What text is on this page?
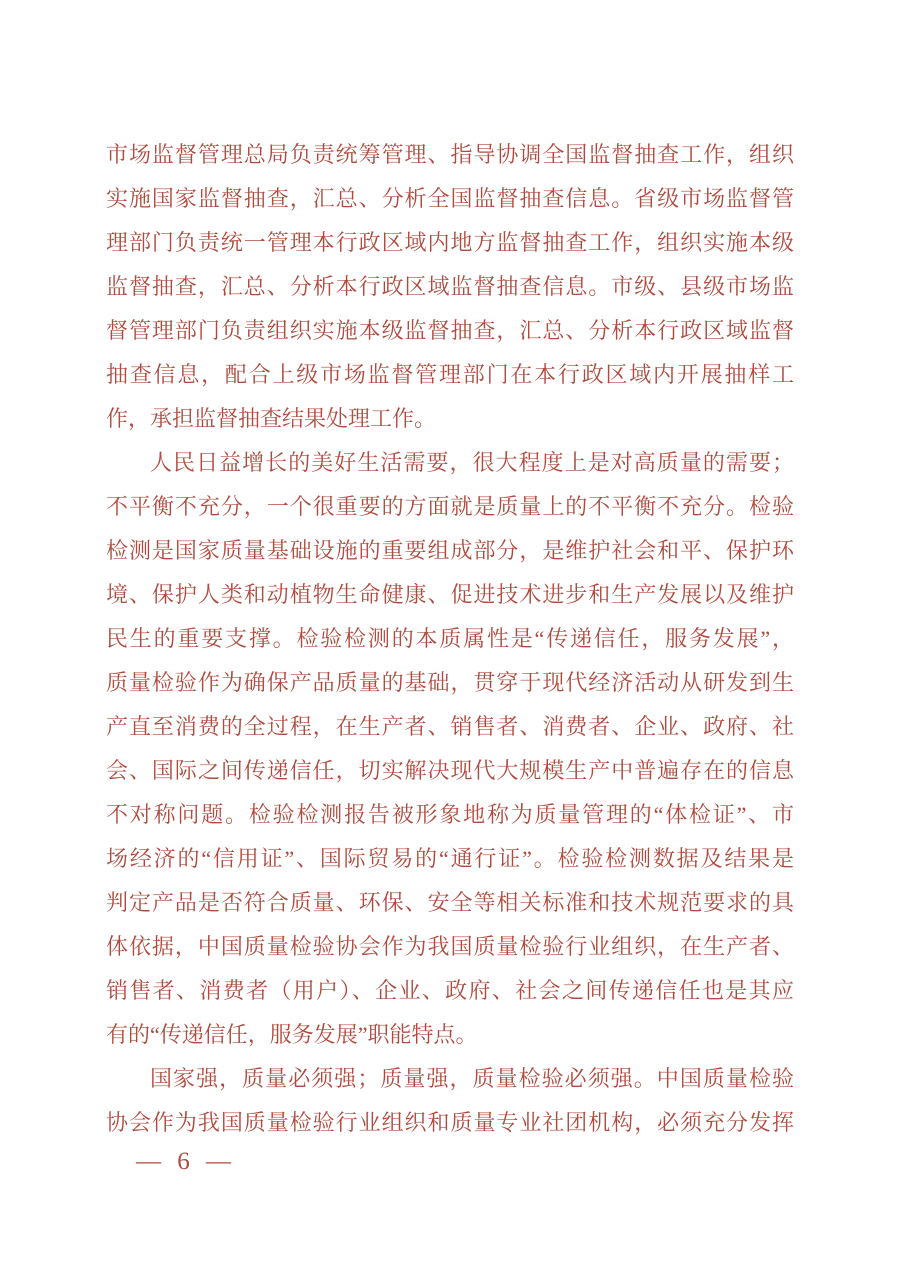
市场监督管理总局负责统筹管理、指导协调全国监督抽查工作，组织
实施国家监督抽查，汇总、分析全国监督抽查信息。省级市场监督管
理部门负责统一管理本行政区域内地方监督抽查工作，组织实施本级
监督抽查，汇总、分析本行政区域监督抽查信息。市级、县级市场监
督管理部门负责组织实施本级监督抽查，汇总、分析本行政区域监督
抽查信息，配合上级市场监督管理部门在本行政区域内开展抽样工
作，承担监督抽查结果处理工作。
人民日益增长的美好生活需要，很大程度上是对高质量的需要；
不平衡不充分，一个很重要的方面就是质量上的不平衡不充分。检验
检测是国家质量基础设施的重要组成部分，是维护社会和平、保护环
境、保护人类和动植物生命健康、促进技术进步和生产发展以及维护
民生的重要支撑。检验检测的本质属性是“传递信任，服务发展”，
质量检验作为确保产品质量的基础，贯穿于现代经济活动从研发到生
产直至消费的全过程，在生产者、销售者、消费者、企业、政府、社
会、国际之间传递信任，切实解决现代大规模生产中普遍存在的信息
不对称问题。检验检测报告被形象地称为质量管理的“体检证”、市
场经济的“信用证”、国际贸易的“通行证”。检验检测数据及结果是
判定产品是否符合质量、环保、安全等相关标准和技术规范要求的具
体依据，中国质量检验协会作为我国质量检验行业组织，在生产者、
销售者、消费者（用户）、企业、政府、社会之间传递信任也是其应
有的“传递信任，服务发展”职能特点。
国家强，质量必须强；质量强，质量检验必须强。中国质量检验
协会作为我国质量检验行业组织和质量专业社团机构，必须充分发挥
— 6 —
